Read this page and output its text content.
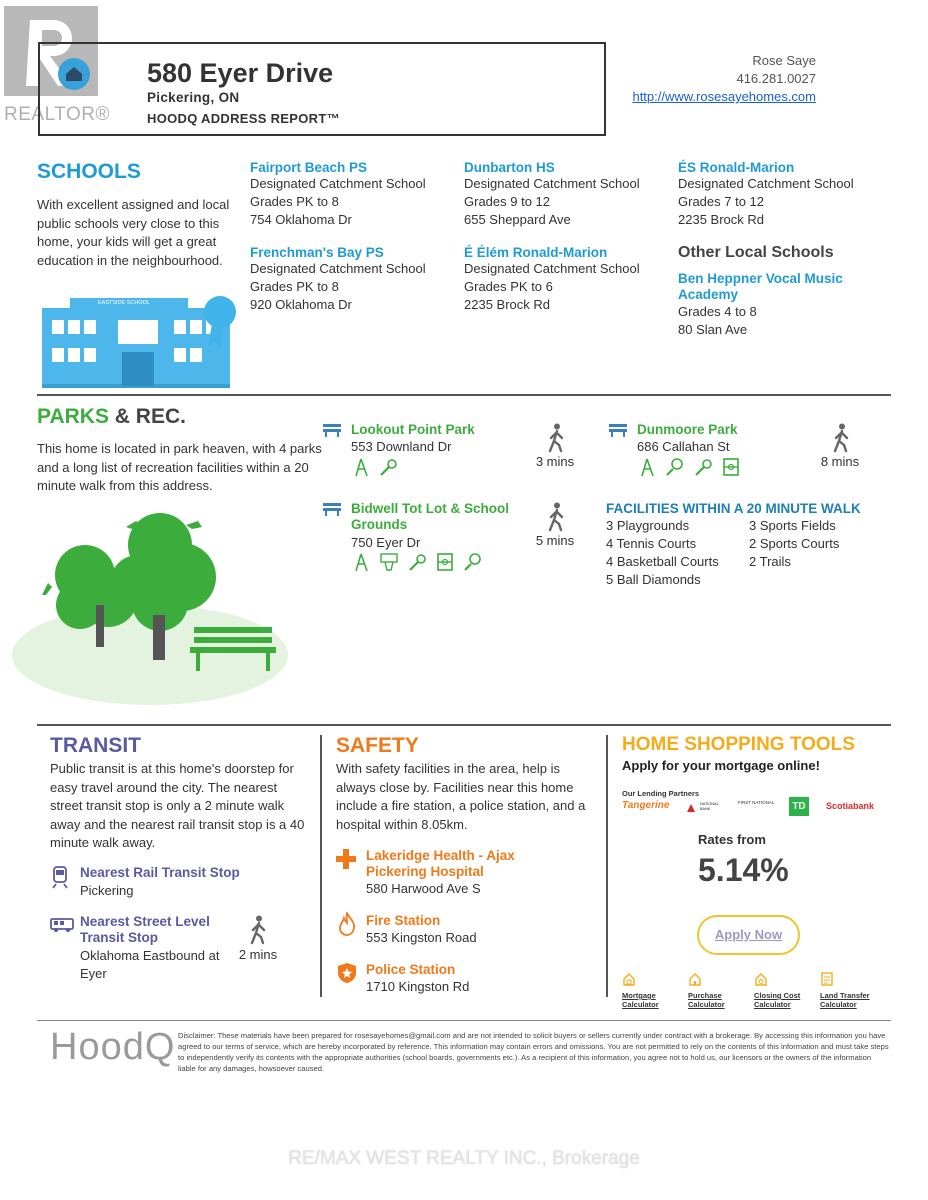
REALTOR®
580 Eyer Drive
Pickering, ON
HOODQ ADDRESS REPORT™
Rose Saye
416.281.0027
http://www.rosesayehomes.com
SCHOOLS
With excellent assigned and local public schools very close to this home, your kids will get a great education in the neighbourhood.
EASTSIDE SCHOOL
Fairport Beach PS
Designated Catchment School
Grades PK to 8
754 Oklahoma Dr
Frenchman's Bay PS
Designated Catchment School
Grades PK to 8
920 Oklahoma Dr
Dunbarton HS
Designated Catchment School
Grades 9 to 12
655 Sheppard Ave
É Élém Ronald-Marion
Designated Catchment School
Grades PK to 6
2235 Brock Rd
ÉS Ronald-Marion
Designated Catchment School
Grades 7 to 12
2235 Brock Rd
Other Local Schools
Ben Heppner Vocal Music
Academy
Grades 4 to 8
80 Slan Ave
PARKS & REC.
This home is located in park heaven, with 4 parks and a long list of recreation facilities within a 20 minute walk from this address.
Lookout Point Park
553 Downland Dr

3 mins
Dunmoore Park
686 Callahan St

8 mins
Bidwell Tot Lot & School
Grounds
750 Eyer Dr
	5 mins
FACILITIES WITHIN A 20 MINUTE WALK
3 Playgrounds
4 Tennis Courts
4 Basketball Courts
5 Ball Diamonds
3 Sports Fields
2 Sports Courts
2 Trails
TRANSIT
Public transit is at this home's doorstep for easy travel around the city. The nearest street transit stop is only a 2 minute walk away and the nearest rail transit stop is a 40 minute walk away.
Nearest Rail Transit Stop
Pickering
Nearest Street Level
Transit Stop
Oklahoma Eastbound at
Eyer
2 mins
SAFETY
With safety facilities in the area, help is always close by. Facilities near this home include a fire station, a police station, and a hospital within 8.05km.
Lakeridge Health - Ajax
Pickering Hospital
580 Harwood Ave S
Fire Station
553 Kingston Road
Police Station
1710 Kingston Rd
HOME SHOPPING TOOLS
Apply for your mortgage online!
Our Lending Partners
Tangerine	NATIONAL BANK
FIRST NATIONAL	TD	Scotiabank
Rates from
5.14%
Apply Now
Mortgage
Calculator
Purchase
Calculator
Closing Cost
Calculator
Land Transfer
Calculator
HoodQ Disclaimer: These materials have been prepared for rosesayehomes@gmail.com and are not intended to solicit buyers or sellers currently under contract with a brokerage. By accessing this information you have agreed to our terms of service, which are hereby incorporated by reference. This information may contain errors and omissions. You are not permitted to rely on the contents of this information and must take steps to independently verify its contents with the appropriate authorities (school boards, governments etc.). As a recipient of this information, you agree not to hold us, our licensors or the owners of the information liable for any damages, howsoever caused.
RE/MAX WEST REALTY INC., Brokerage
